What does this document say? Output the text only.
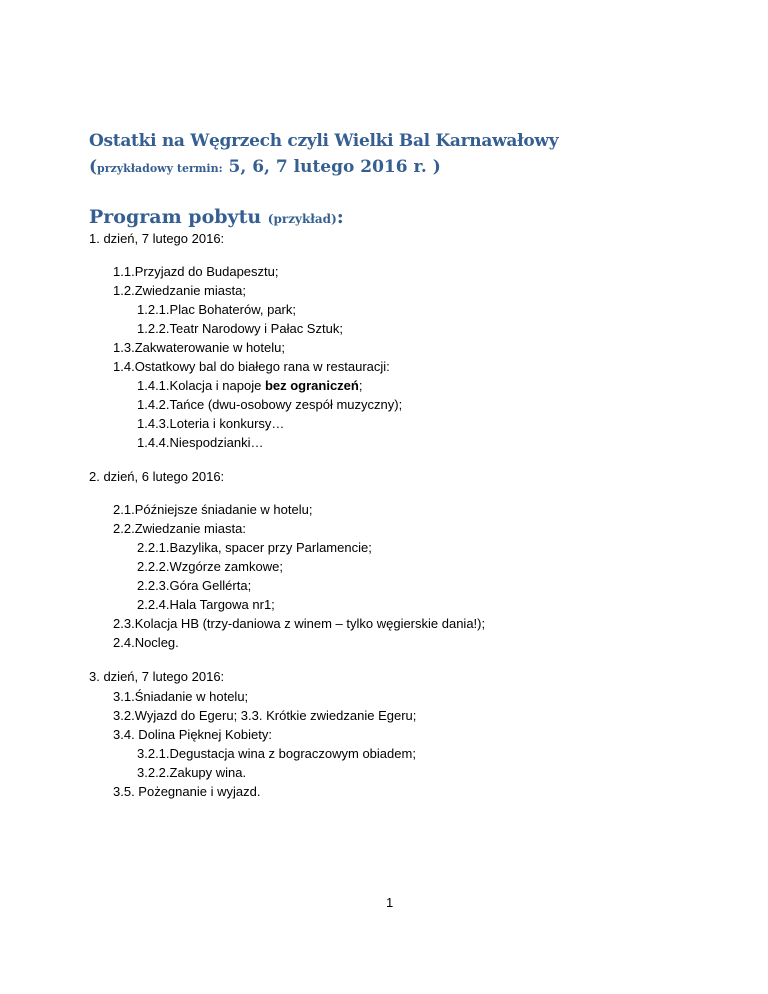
Ostatki na Węgrzech czyli Wielki Bal Karnawałowy
(przykładowy termin: 5, 6, 7 lutego 2016 r. )
Program pobytu (przykład):
1. dzień, 7 lutego 2016:
1.1.Przyjazd do Budapesztu;
1.2.Zwiedzanie miasta;
1.2.1.Plac Bohaterów, park;
1.2.2.Teatr Narodowy i Pałac Sztuk;
1.3.Zakwaterowanie w hotelu;
1.4.Ostatkowy bal do białego rana w restauracji:
1.4.1.Kolacja i napoje bez ograniczeń;
1.4.2.Tańce (dwu-osobowy zespół muzyczny);
1.4.3.Loteria i konkursy…
1.4.4.Niespodzianki…
2. dzień, 6 lutego 2016:
2.1.Późniejsze śniadanie w hotelu;
2.2.Zwiedzanie miasta:
2.2.1.Bazylika, spacer przy Parlamencie;
2.2.2.Wzgórze zamkowe;
2.2.3.Góra Gellérta;
2.2.4.Hala Targowa nr1;
2.3.Kolacja HB (trzy-daniowa z winem – tylko węgierskie dania!);
2.4.Nocleg.
3. dzień, 7 lutego 2016:
3.1.Śniadanie w hotelu;
3.2.Wyjazd do Egeru; 3.3. Krótkie zwiedzanie Egeru;
3.4. Dolina Pięknej Kobiety:
3.2.1.Degustacja wina z bograczowym obiadem;
3.2.2.Zakupy wina.
3.5. Pożegnanie i wyjazd.
1
